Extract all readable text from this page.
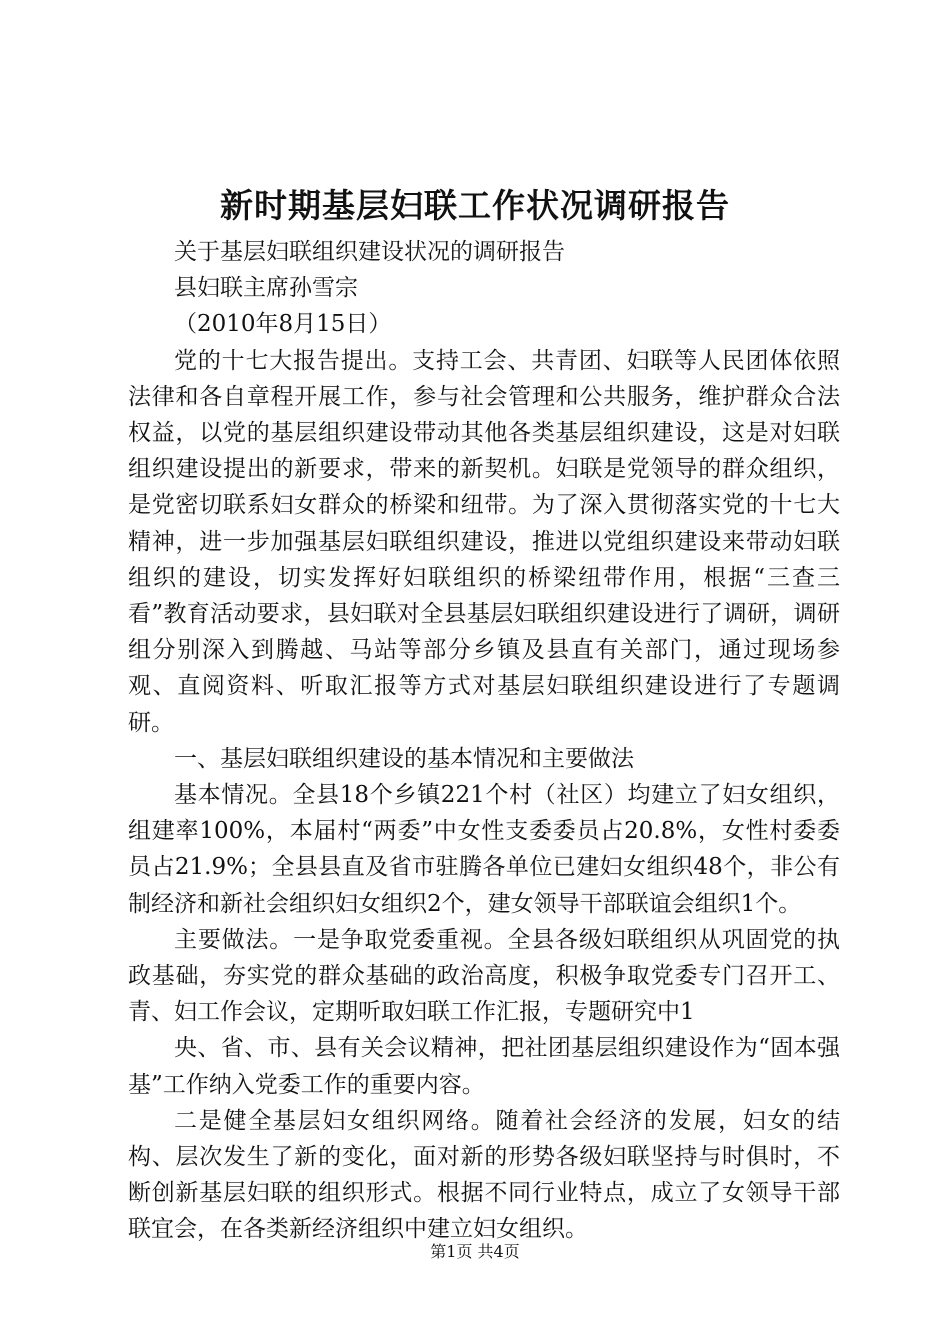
新时期基层妇联工作状况调研报告

关于基层妇联组织建设状况的调研报告

县妇联主席孙雪宗

（2010年8月15日）

党的十七大报告提出。支持工会、共青团、妇联等人民团体依照法律和各自章程开展工作，参与社会管理和公共服务，维护群众合法权益，以党的基层组织建设带动其他各类基层组织建设，这是对妇联组织建设提出的新要求，带来的新契机。妇联是党领导的群众组织，是党密切联系妇女群众的桥梁和纽带。为了深入贯彻落实党的十七大精神，进一步加强基层妇联组织建设，推进以党组织建设来带动妇联组织的建设，切实发挥好妇联组织的桥梁纽带作用，根据“三查三看”教育活动要求，县妇联对全县基层妇联组织建设进行了调研，调研组分别深入到腾越、马站等部分乡镇及县直有关部门，通过现场参观、直阅资料、听取汇报等方式对基层妇联组织建设进行了专题调研。

一、基层妇联组织建设的基本情况和主要做法

基本情况。全县18个乡镇221个村（社区）均建立了妇女组织，组建率100%，本届村“两委”中女性支委委员占20.8%，女性村委委员占21.9%；全县县直及省市驻腾各单位已建妇女组织48个，非公有制经济和新社会组织妇女组织2个，建女领导干部联谊会组织1个。

主要做法。一是争取党委重视。全县各级妇联组织从巩固党的执政基础，夯实党的群众基础的政治高度，积极争取党委专门召开工、青、妇工作会议，定期听取妇联工作汇报，专题研究中1

央、省、市、县有关会议精神，把社团基层组织建设作为“固本强基”工作纳入党委工作的重要内容。

二是健全基层妇女组织网络。随着社会经济的发展，妇女的结构、层次发生了新的变化，面对新的形势各级妇联坚持与时俱时，不断创新基层妇联的组织形式。根据不同行业特点，成立了女领导干部联宜会，在各类新经济组织中建立妇女组织。

第1页 共4页
